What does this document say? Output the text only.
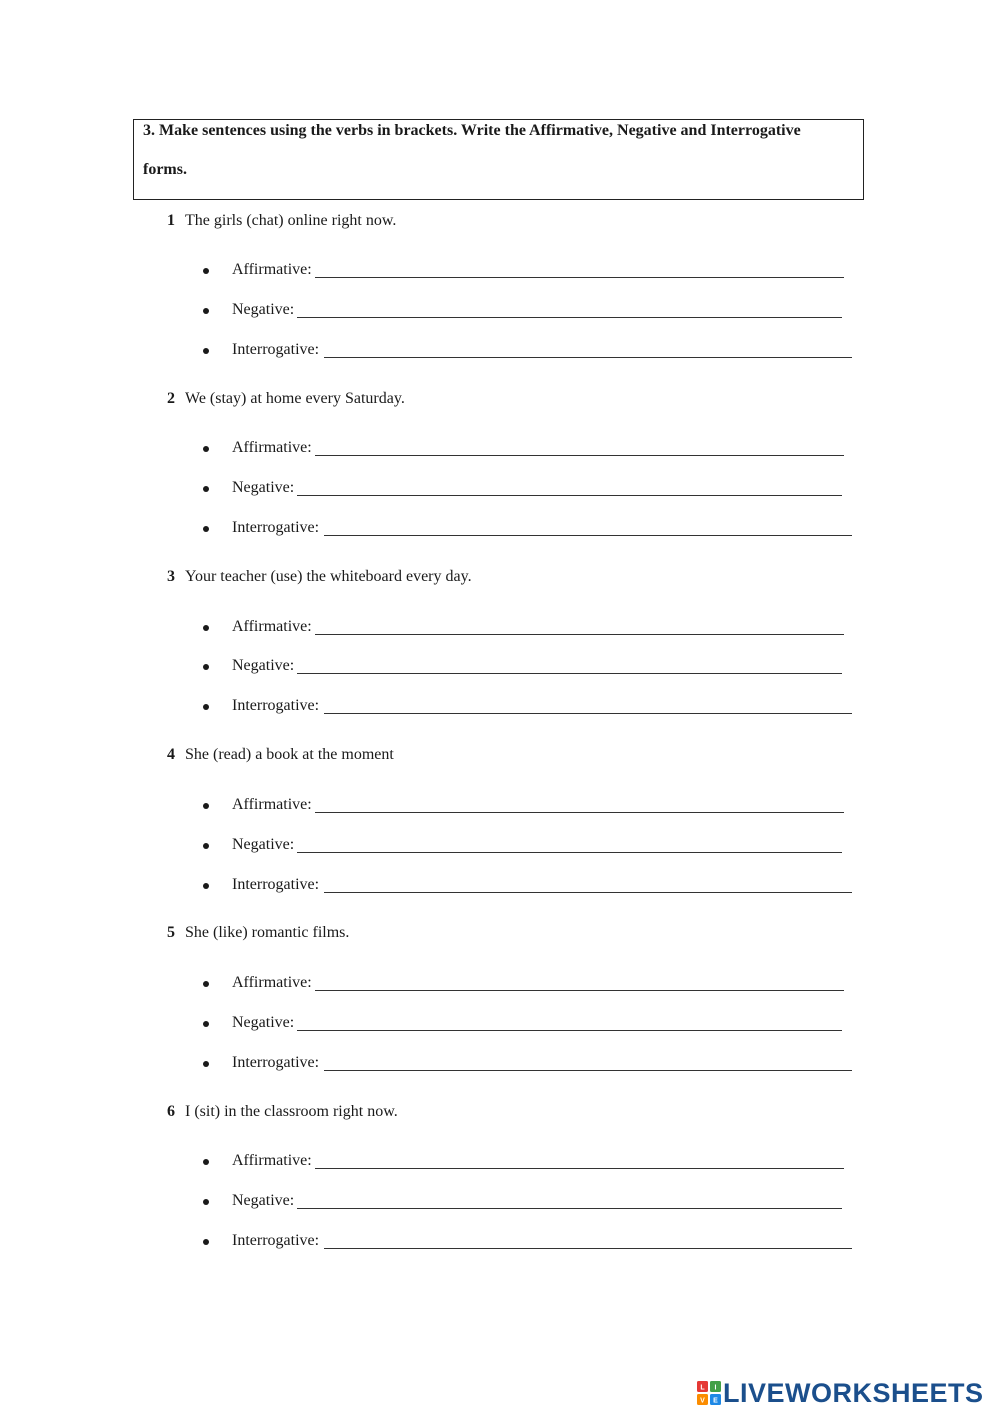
3. Make sentences using the verbs in brackets. Write the Affirmative, Negative and Interrogative
forms.
1 The girls (chat) online right now.
Affirmative:
Negative:
Interrogative:
2 We (stay) at home every Saturday.
Affirmative:
Negative:
Interrogative:
3 Your teacher (use) the whiteboard every day.
Affirmative:
Negative:
Interrogative:
4 She (read) a book at the moment
Affirmative:
Negative:
Interrogative:
5 She (like) romantic films.
Affirmative:
Negative:
Interrogative:
6 I (sit) in the classroom right now.
Affirmative:
Negative:
Interrogative:
L I
V E LIVEWORKSHEETS
